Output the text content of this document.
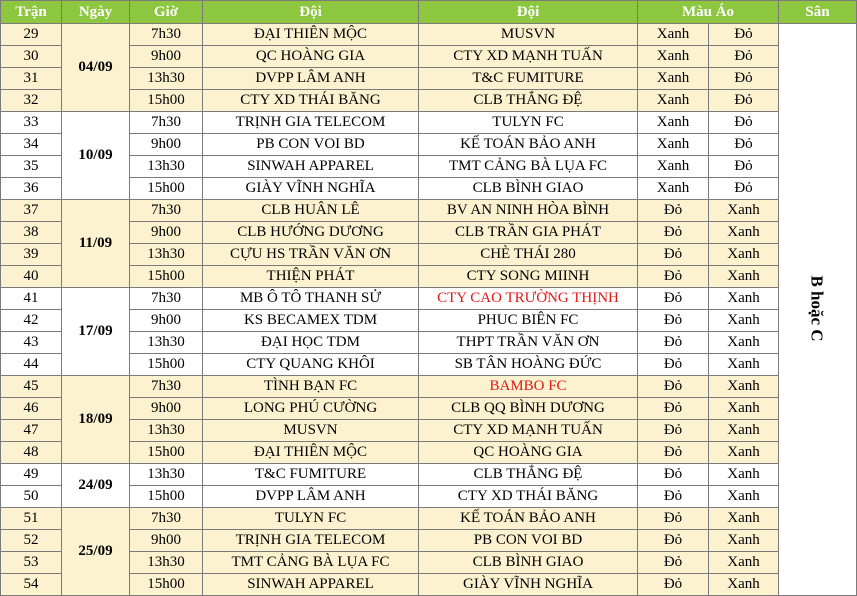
Trận	Ngày	Giờ	Đội	Đội	Màu Áo		Sân
29	04/09	7h30	ĐẠI THIÊN MỘC	MUSVN	Xanh	Đỏ	B hoặc C
30		9h00	QC HOÀNG GIA	CTY XD MẠNH TUẤN	Xanh	Đỏ	
31		13h30	DVPP LÂM ANH	T&C FUMITURE	Xanh	Đỏ	
32		15h00	CTY XD THÁI BĂNG	CLB THẮNG ĐỆ	Xanh	Đỏ	
33	10/09	7h30	TRỊNH GIA TELECOM	TULYN FC	Xanh	Đỏ	
34		9h00	PB CON VOI BD	KẾ TOÁN BẢO ANH	Xanh	Đỏ	
35		13h30	SINWAH APPAREL	TMT CẢNG BÀ LỤA FC	Xanh	Đỏ	
36		15h00	GIÀY VĨNH NGHĨA	CLB BÌNH GIAO	Xanh	Đỏ	
37	11/09	7h30	CLB HUÂN LÊ	BV AN NINH HÒA BÌNH	Đỏ	Xanh	
38		9h00	CLB HƯỚNG DƯƠNG	CLB TRẦN GIA PHÁT	Đỏ	Xanh	
39		13h30	CỰU HS TRẦN VĂN ƠN	CHÈ THÁI 280	Đỏ	Xanh	
40		15h00	THIỆN PHÁT	CTY SONG MIINH	Đỏ	Xanh	
41	17/09	7h30	MB Ô TÔ THANH SỬ	CTY CAO TRƯỜNG THỊNH	Đỏ	Xanh	
42		9h00	KS BECAMEX TDM	PHUC BIÊN FC	Đỏ	Xanh	
43		13h30	ĐẠI HỌC TDM	THPT TRẦN VĂN ƠN	Đỏ	Xanh	
44		15h00	CTY QUANG KHÔI	SB TÂN HOÀNG ĐỨC	Đỏ	Xanh	
45	18/09	7h30	TÌNH BẠN FC	BAMBO FC	Đỏ	Xanh	
46		9h00	LONG PHÚ CƯỜNG	CLB QQ BÌNH DƯƠNG	Đỏ	Xanh	
47		13h30	MUSVN	CTY XD MẠNH TUẤN	Đỏ	Xanh	
48		15h00	ĐẠI THIÊN MỘC	QC HOÀNG GIA	Đỏ	Xanh	
49	24/09	13h30	T&C FUMITURE	CLB THẮNG ĐỆ	Đỏ	Xanh	
50		15h00	DVPP LÂM ANH	CTY XD THÁI BĂNG	Đỏ	Xanh	
51	25/09	7h30	TULYN FC	KẾ TOÁN BẢO ANH	Đỏ	Xanh	
52		9h00	TRỊNH GIA TELECOM	PB CON VOI BD	Đỏ	Xanh	
53		13h30	TMT CẢNG BÀ LỤA FC	CLB BÌNH GIAO	Đỏ	Xanh	
54		15h00	SINWAH APPAREL	GIÀY VĨNH NGHĨA	Đỏ	Xanh	
